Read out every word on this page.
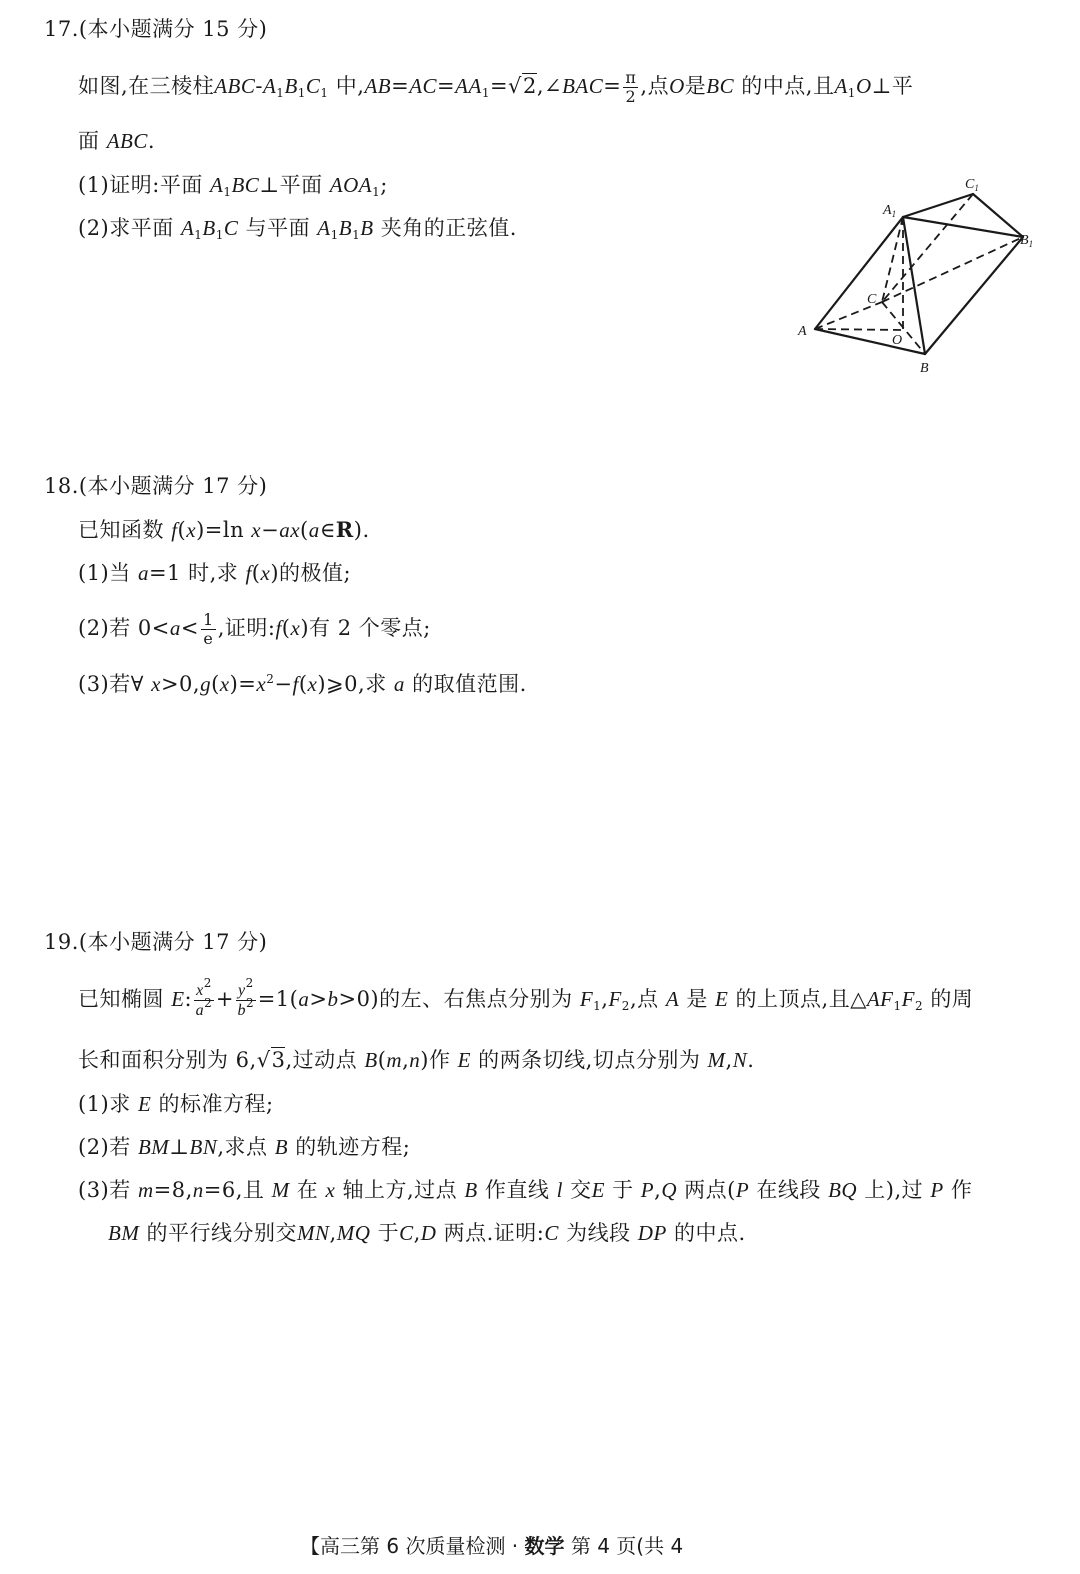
17.(本小题满分 15 分)
如图,在三棱柱ABC-$A_1B_1C_1$ 中$,AB=AC=AA_1=√2,\angle BAC= \frac{\pi}{2}$ ,点O是BC 的中点,且$A_1O\perp$平
面 ABC.
(1)证明:平面 $A_1BC\perp$平面 $AOA_1$;
(2)求平面 $A_1B_1C$ 与平面 $A_1B_1B$ 夹角的正弦值.
A
B
C
O
$A_1$
$B_1$
$C_1$
18.(本小题满分 17 分)
已知函数 f(x)=ln x−ax(a∈R).
(1)当 a=1 时,求 f(x)的极值;
(2)若 $0<a< \frac{1}{e}$ ,证明:f(x)有 2 个零点;
(3)若∀ $x>0,g(x)=x^2-f(x)⩾0$,求 a 的取值范围.
19.(本小题满分 17 分)
已知椭圆 E: $\frac{x^2}{a^2} + \frac{y^2}{b^2} =1(a>b>0)$的左、右焦点分别为 $F_1,F_2$,点 A 是 E 的上顶点,且$\triangle AF_1F_2$ 的周
长和面积分别为 6,√3,过动点 B(m,n)作 E 的两条切线,切点分别为 M,N.
(1)求 E 的标准方程;
(2)若 BM⊥BN,求点 B 的轨迹方程;
(3)若 m=8,n=6,且 M 在 x 轴上方,过点 B 作直线 l 交E 于 P,Q 两点(P 在线段 BQ 上),过 P 作
BM 的平行线分别交MN,MQ 于C,D 两点.证明:C 为线段 DP 的中点.
【高三第 6 次质量检测 · 数学 第 4 页(共 4
